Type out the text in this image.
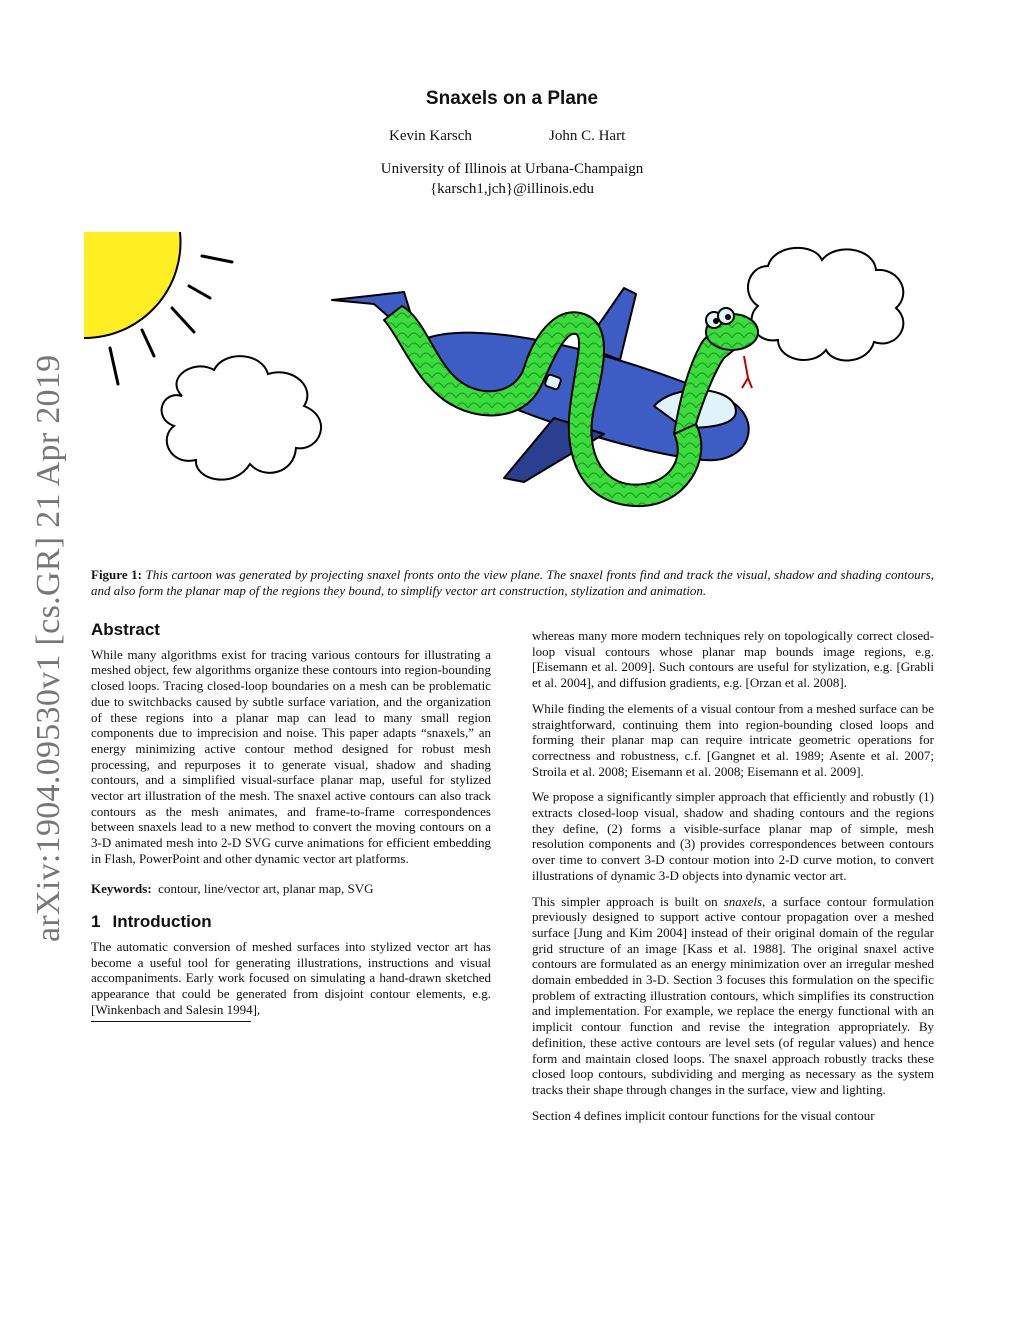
Snaxels on a Plane
Kevin Karsch	John C. Hart
University of Illinois at Urbana-Champaign
{karsch1,jch}@illinois.edu
arXiv:1904.09530v1 [cs.GR] 21 Apr 2019 Figure 1: This cartoon was generated by projecting snaxel fronts onto the view plane. The snaxel fronts find and track the visual, shadow and shading contours, and also form the planar map of the regions they bound, to simplify vector art construction, stylization and animation.
Abstract

While many algorithms exist for tracing various contours for illustrating a meshed object, few algorithms organize these contours into region-bounding closed loops. Tracing closed-loop boundaries on a mesh can be problematic due to switchbacks caused by subtle surface variation, and the organization of these regions into a planar map can lead to many small region components due to imprecision and noise. This paper adapts “snaxels,” an energy minimizing active contour method designed for robust mesh processing, and repurposes it to generate visual, shadow and shading contours, and a simplified visual-surface planar map, useful for stylized vector art illustration of the mesh. The snaxel active contours can also track contours as the mesh animates, and frame-to-frame correspondences between snaxels lead to a new method to convert the moving contours on a 3-D animated mesh into 2-D SVG curve animations for efficient embedding in Flash, PowerPoint and other dynamic vector art platforms.

Keywords: contour, line/vector art, planar map, SVG

1 Introduction

The automatic conversion of meshed surfaces into stylized vector art has become a useful tool for generating illustrations, instructions and visual accompaniments. Early work focused on simulating a hand-drawn sketched appearance that could be generated from disjoint contour elements, e.g. [Winkenbach and Salesin 1994],

whereas many more modern techniques rely on topologically correct closed-loop visual contours whose planar map bounds image regions, e.g. [Eisemann et al. 2009]. Such contours are useful for stylization, e.g. [Grabli et al. 2004], and diffusion gradients, e.g. [Orzan et al. 2008].

While finding the elements of a visual contour from a meshed surface can be straightforward, continuing them into region-bounding closed loops and forming their planar map can require intricate geometric operations for correctness and robustness, c.f. [Gangnet et al. 1989; Asente et al. 2007; Stroila et al. 2008; Eisemann et al. 2008; Eisemann et al. 2009].

We propose a significantly simpler approach that efficiently and robustly (1) extracts closed-loop visual, shadow and shading contours and the regions they define, (2) forms a visible-surface planar map of simple, mesh resolution components and (3) provides correspondences between contours over time to convert 3-D contour motion into 2-D curve motion, to convert illustrations of dynamic 3-D objects into dynamic vector art.

This simpler approach is built on snaxels, a surface contour formulation previously designed to support active contour propagation over a meshed surface [Jung and Kim 2004] instead of their original domain of the regular grid structure of an image [Kass et al. 1988]. The original snaxel active contours are formulated as an energy minimization over an irregular meshed domain embedded in 3-D. Section 3 focuses this formulation on the specific problem of extracting illustration contours, which simplifies its construction and implementation. For example, we replace the energy functional with an implicit contour function and revise the integration appropriately. By definition, these active contours are level sets (of regular values) and hence form and maintain closed loops. The snaxel approach robustly tracks these closed loop contours, subdividing and merging as necessary as the system tracks their shape through changes in the surface, view and lighting.

Section 4 defines implicit contour functions for the visual contour
